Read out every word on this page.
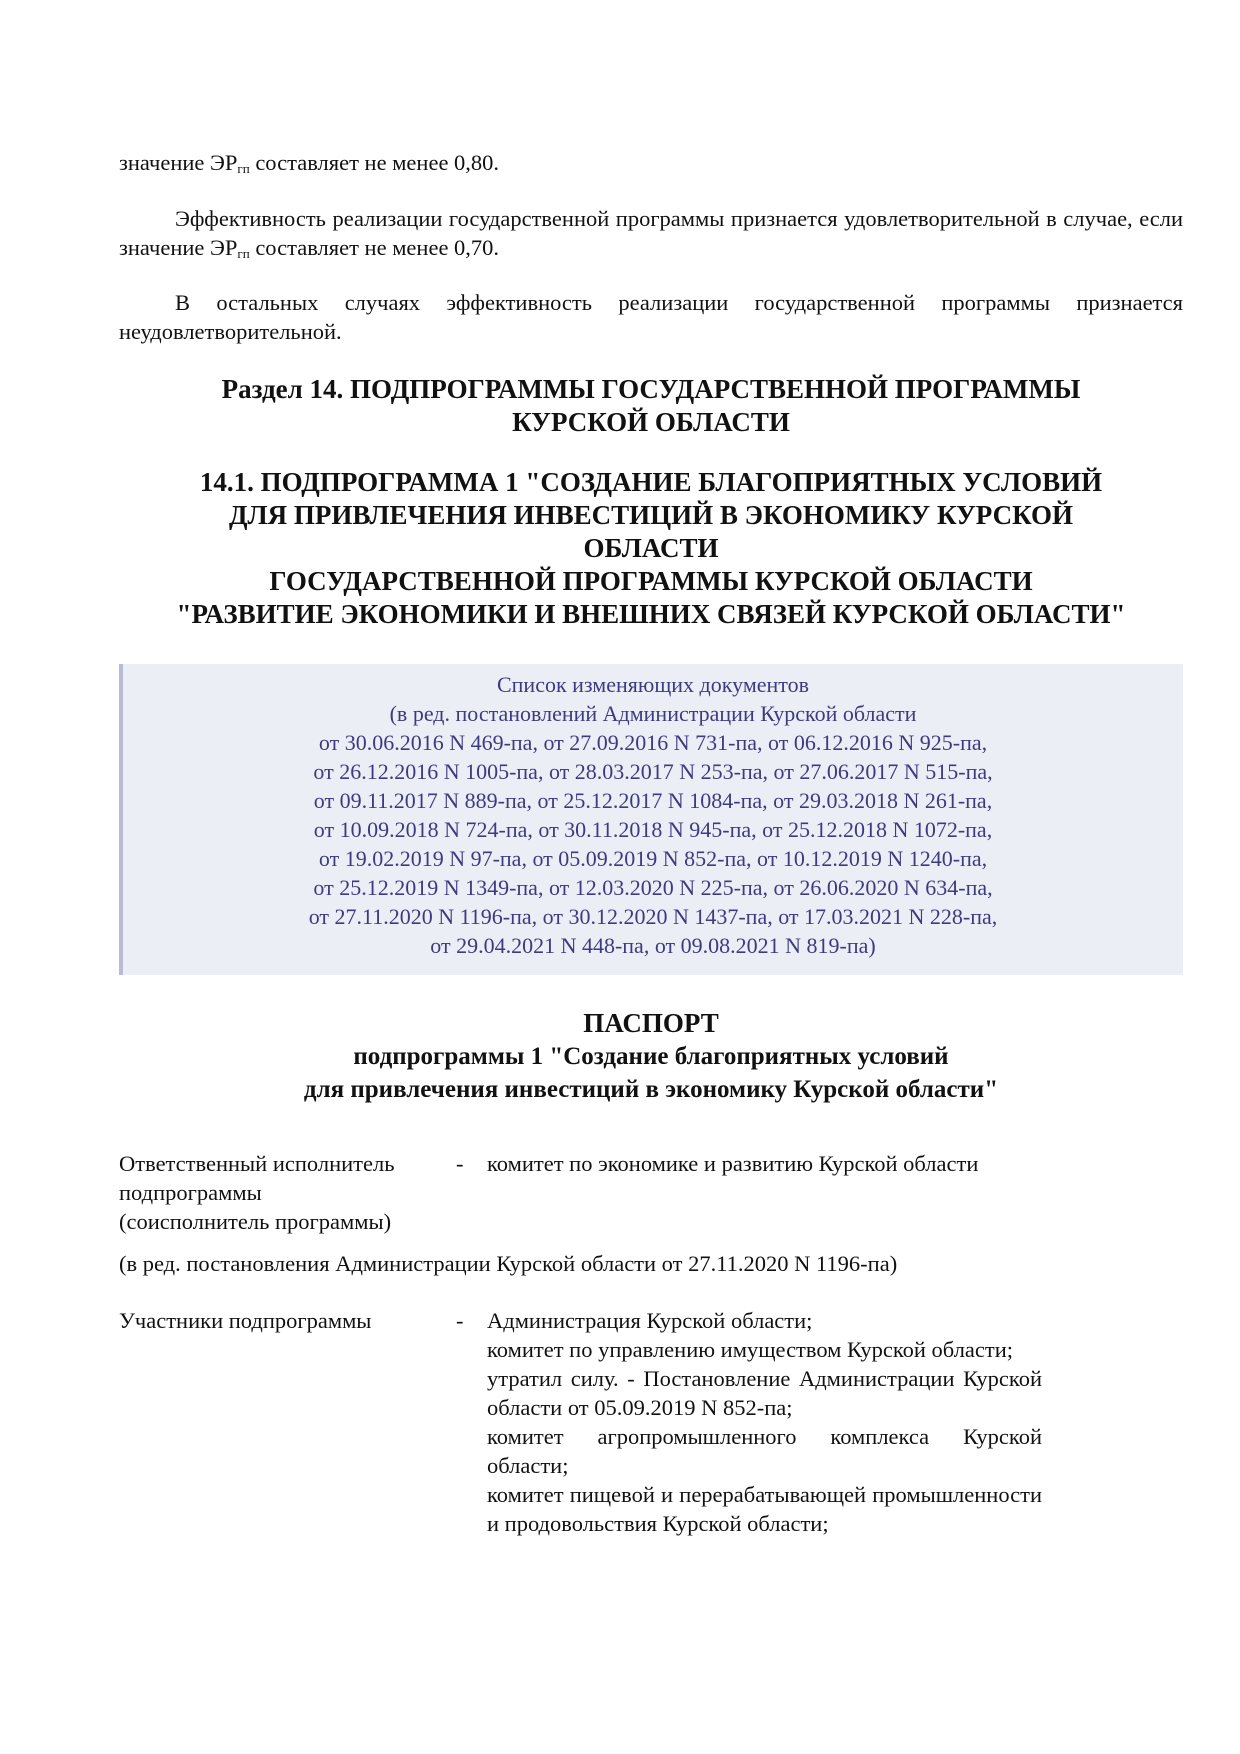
значение $ЭР_{гп}$ составляет не менее 0,80.

Эффективность реализации государственной программы признается удовлетворительной в случае, если значение $ЭР_{гп}$ составляет не менее 0,70.

В остальных случаях эффективность реализации государственной программы признается неудовлетворительной.

Раздел 14. ПОДПРОГРАММЫ ГОСУДАРСТВЕННОЙ ПРОГРАММЫ
КУРСКОЙ ОБЛАСТИ
14.1. ПОДПРОГРАММА 1 "СОЗДАНИЕ БЛАГОПРИЯТНЫХ УСЛОВИЙ
ДЛЯ ПРИВЛЕЧЕНИЯ ИНВЕСТИЦИЙ В ЭКОНОМИКУ КУРСКОЙ
ОБЛАСТИ
ГОСУДАРСТВЕННОЙ ПРОГРАММЫ КУРСКОЙ ОБЛАСТИ
"РАЗВИТИЕ ЭКОНОМИКИ И ВНЕШНИХ СВЯЗЕЙ КУРСКОЙ ОБЛАСТИ"
Список изменяющих документов
(в ред. постановлений Администрации Курской области
от 30.06.2016 N 469-па, от 27.09.2016 N 731-па, от 06.12.2016 N 925-па,
от 26.12.2016 N 1005-па, от 28.03.2017 N 253-па, от 27.06.2017 N 515-па,
от 09.11.2017 N 889-па, от 25.12.2017 N 1084-па, от 29.03.2018 N 261-па,
от 10.09.2018 N 724-па, от 30.11.2018 N 945-па, от 25.12.2018 N 1072-па,
от 19.02.2019 N 97-па, от 05.09.2019 N 852-па, от 10.12.2019 N 1240-па,
от 25.12.2019 N 1349-па, от 12.03.2020 N 225-па, от 26.06.2020 N 634-па,
от 27.11.2020 N 1196-па, от 30.12.2020 N 1437-па, от 17.03.2021 N 228-па,
от 29.04.2021 N 448-па, от 09.08.2021 N 819-па)
ПАСПОРТ
подпрограммы 1 "Создание благоприятных условий
для привлечения инвестиций в экономику Курской области"
Ответственный исполнитель
подпрограммы
(соисполнитель программы)
- комитет по экономике и развитию Курской области

(в ред. постановления Администрации Курской области от 27.11.2020 N 1196-па)

Участники подпрограммы	- Администрация Курской области;
комитет по управлению имуществом Курской области;
утратил силу. - Постановление Администрации Курской области от 05.09.2019 N 852-па;
комитет агропромышленного комплекса Курской области;
комитет пищевой и перерабатывающей промышленности и продовольствия Курской области;
